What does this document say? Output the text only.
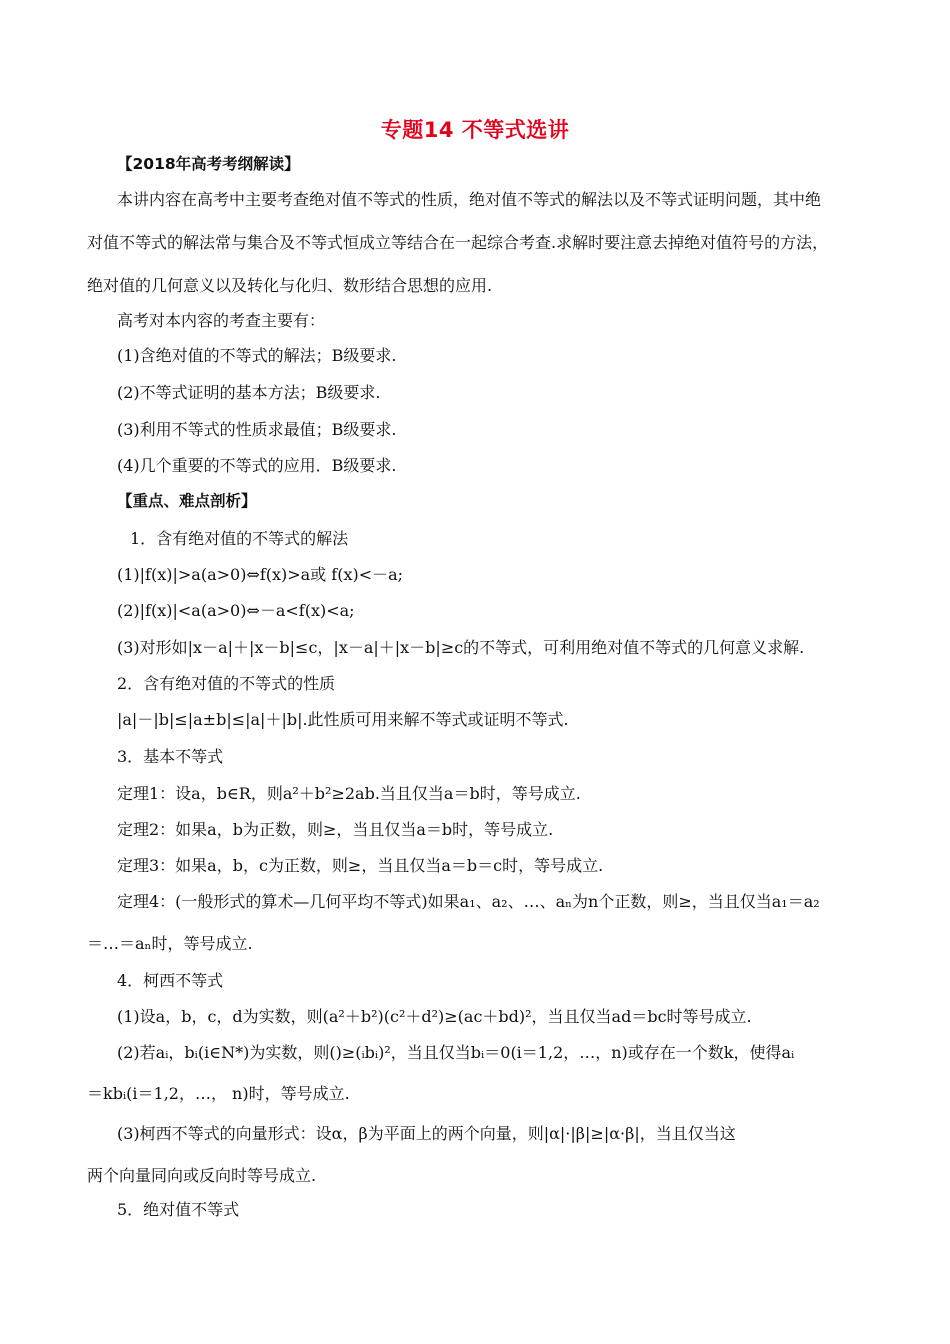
专题14 不等式选讲
【2018年高考考纲解读】
本讲内容在高考中主要考查绝对值不等式的性质，绝对值不等式的解法以及不等式证明问题，其中绝
对值不等式的解法常与集合及不等式恒成立等结合在一起综合考查.求解时要注意去掉绝对值符号的方法，
绝对值的几何意义以及转化与化归、数形结合思想的应用.
高考对本内容的考查主要有：
(1)含绝对值的不等式的解法；B级要求.
(2)不等式证明的基本方法；B级要求.
(3)利用不等式的性质求最值；B级要求.
(4)几个重要的不等式的应用．B级要求.
【重点、难点剖析】
1．含有绝对值的不等式的解法
(1)|f(x)|>a(a>0)⇔f(x)>a或 f(x)<－a;
(2)|f(x)|<a(a>0)⇔－a<f(x)<a;
(3)对形如|x－a|＋|x－b|≤c，|x－a|＋|x－b|≥c的不等式，可利用绝对值不等式的几何意义求解.
2．含有绝对值的不等式的性质
|a|－|b|≤|a±b|≤|a|＋|b|.此性质可用来解不等式或证明不等式.
3．基本不等式
定理1：设a，b∈R，则a²＋b²≥2ab.当且仅当a＝b时，等号成立.
定理2：如果a，b为正数，则≥，当且仅当a＝b时，等号成立.
定理3：如果a，b，c为正数，则≥，当且仅当a＝b＝c时，等号成立.
定理4：(一般形式的算术—几何平均不等式)如果a₁、a₂、…、aₙ为n个正数，则≥，当且仅当a₁＝a₂
＝…＝aₙ时，等号成立.
4．柯西不等式
(1)设a，b，c，d为实数，则(a²＋b²)(c²＋d²)≥(ac＋bd)²，当且仅当ad＝bc时等号成立.
(2)若aᵢ，bᵢ(i∈N*)为实数，则()≥(ᵢbᵢ)²，当且仅当bᵢ＝0(i＝1,2，…，n)或存在一个数k，使得aᵢ
＝kbᵢ(i＝1,2，…， n)时，等号成立.
(3)柯西不等式的向量形式：设α，β为平面上的两个向量，则|α|·|β|≥|α·β|，当且仅当这
两个向量同向或反向时等号成立.
5．绝对值不等式
